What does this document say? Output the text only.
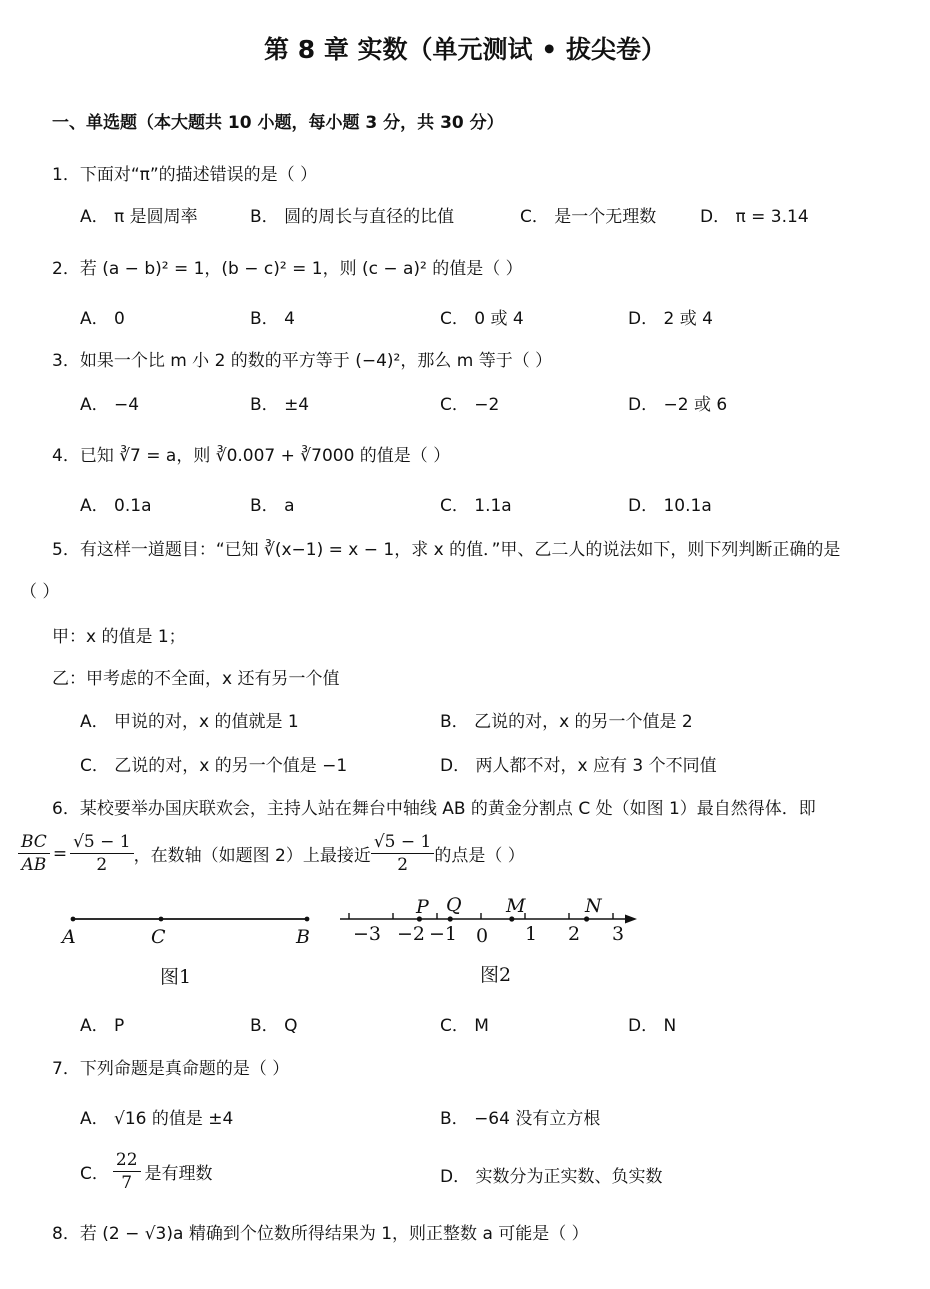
第 8 章 实数（单元测试 • 拔尖卷）
一、单选题（本大题共 10 小题，每小题 3 分，共 30 分）
1．下面对“π”的描述错误的是（ ）
A． π 是圆周率	B． 圆的周长与直径的比值	C． 是一个无理数	D． π = 3.14
2．若 (a − b)² = 1，(b − c)² = 1，则 (c − a)² 的值是（ ）
A． 0	B． 4	C． 0 或 4	D． 2 或 4
3．如果一个比 m 小 2 的数的平方等于 (−4)²，那么 m 等于（ ）
A． −4	B． ±4	C． −2	D． −2 或 6
4．已知 ∛7 = a，则 ∛0.007 + ∛7000 的值是（ ）
A． 0.1a	B． a	C． 1.1a	D． 10.1a
5．有这样一道题目：“已知 ∛(x−1) = x − 1，求 x 的值．”甲、乙二人的说法如下，则下列判断正确的是
（ ）
甲：x 的值是 1；
乙：甲考虑的不全面，x 还有另一个值
A． 甲说的对，x 的值就是 1	B． 乙说的对，x 的另一个值是 2
C． 乙说的对，x 的另一个值是 −1	D． 两人都不对，x 应有 3 个不同值
6．某校要举办国庆联欢会，主持人站在舞台中轴线 AB 的黄金分割点 C 处（如图 1）最自然得体．即
$\frac{BC}{AB} = \frac{√5 - 1}{2}$ ，在数轴（如题图 2）上最接近 $\frac{√5 - 1}{2}$ 的点是（ ）
A	C	B
图1
−3 −2 −1 0 1 2 3
P Q M	N
图2
A． P	B． Q	C． M	D． N
7．下列命题是真命题的是（ ）
A． √16 的值是 ±4	B． −64 没有立方根
C． $\frac{22}{7}$ 是有理数	D． 实数分为正实数、负实数
8．若 (2 − √3)a 精确到个位数所得结果为 1，则正整数 a 可能是（ ）
